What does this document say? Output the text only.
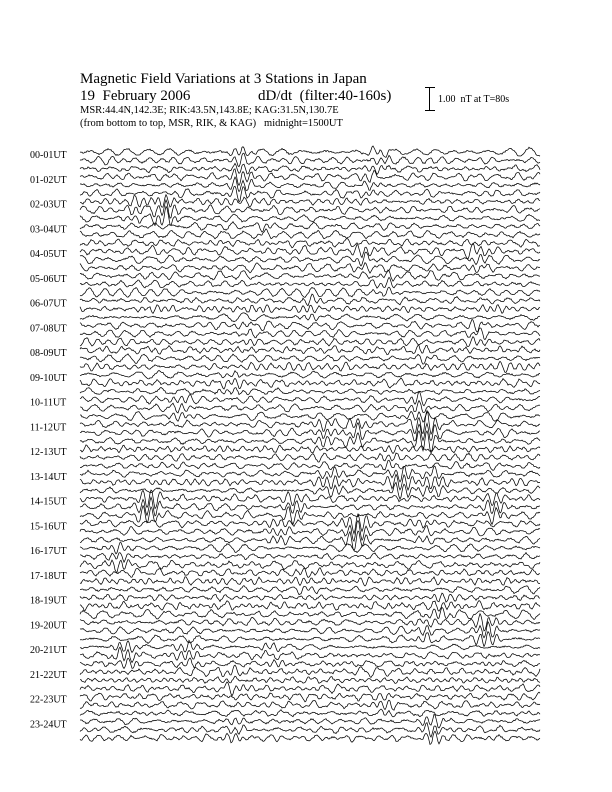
Magnetic Field Variations at 3 Stations in Japan
19  February 2006	dD/dt  (filter:40-160s)
MSR:44.4N,142.3E; RIK:43.5N,143.8E; KAG:31.5N,130.7E
(from bottom to top, MSR, RIK, & KAG)   midnight=1500UT
1.00  nT at T=80s
00-01UT
01-02UT
02-03UT
03-04UT
04-05UT
05-06UT
06-07UT
07-08UT
08-09UT
09-10UT
10-11UT
11-12UT
12-13UT
13-14UT
14-15UT
15-16UT
16-17UT
17-18UT
18-19UT
19-20UT
20-21UT
21-22UT
22-23UT
23-24UT
